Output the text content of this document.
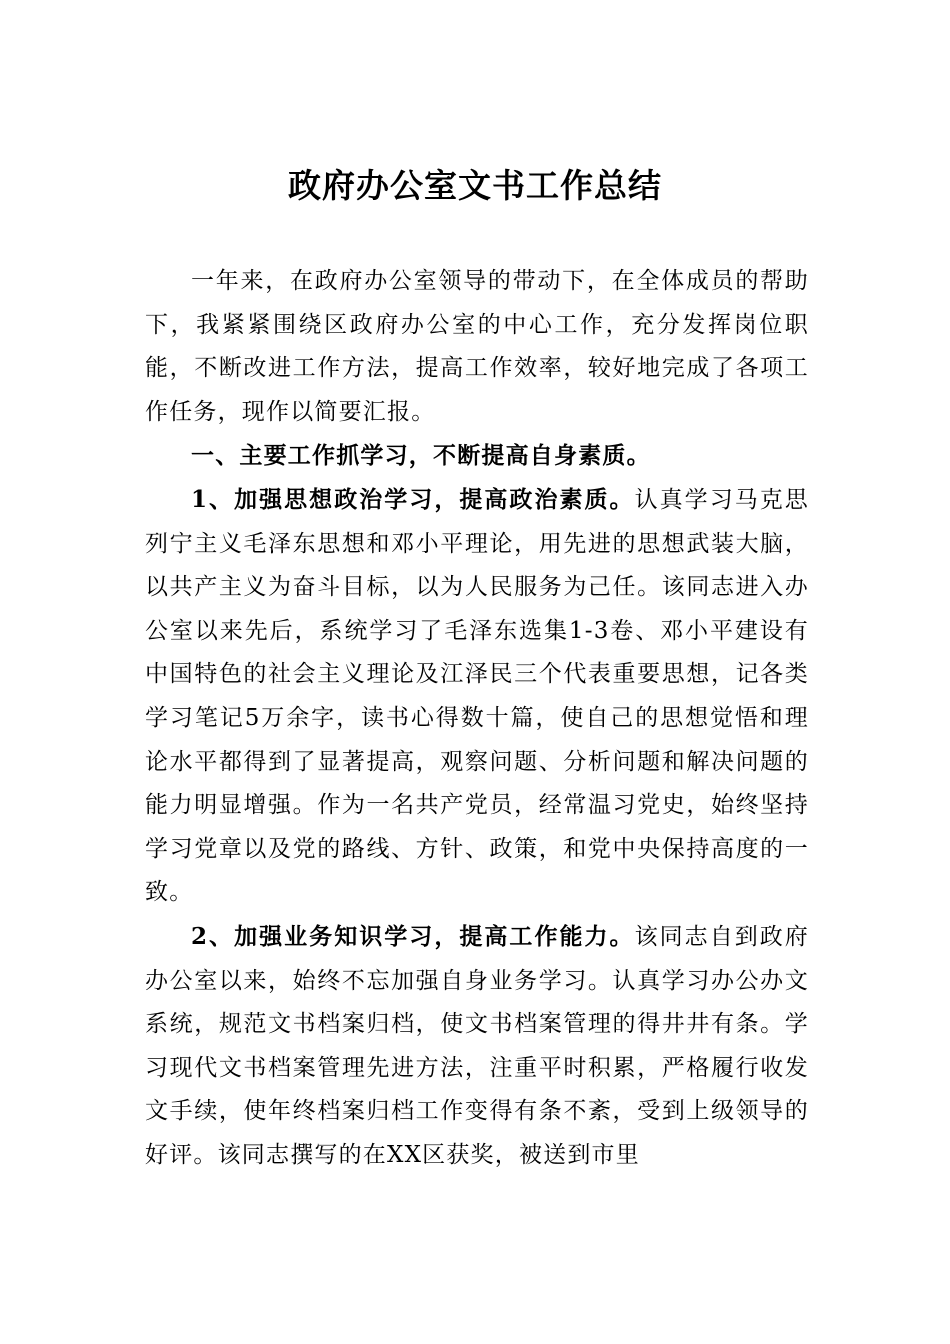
政府办公室文书工作总结

一年来，在政府办公室领导的带动下，在全体成员的帮助下，我紧紧围绕区政府办公室的中心工作，充分发挥岗位职能，不断改进工作方法，提高工作效率，较好地完成了各项工作任务，现作以简要汇报。

一、主要工作抓学习，不断提高自身素质。

1、加强思想政治学习，提高政治素质。认真学习马克思列宁主义毛泽东思想和邓小平理论，用先进的思想武装大脑，以共产主义为奋斗目标，以为人民服务为己任。该同志进入办公室以来先后，系统学习了毛泽东选集1-3卷、邓小平建设有中国特色的社会主义理论及江泽民三个代表重要思想，记各类学习笔记5万余字，读书心得数十篇，使自己的思想觉悟和理论水平都得到了显著提高，观察问题、分析问题和解决问题的能力明显增强。作为一名共产党员，经常温习党史，始终坚持学习党章以及党的路线、方针、政策，和党中央保持高度的一致。

2、加强业务知识学习，提高工作能力。该同志自到政府办公室以来，始终不忘加强自身业务学习。认真学习办公办文系统，规范文书档案归档，使文书档案管理的得井井有条。学习现代文书档案管理先进方法，注重平时积累，严格履行收发文手续，使年终档案归档工作变得有条不紊，受到上级领导的好评。该同志撰写的在XX区获奖，被送到市里
